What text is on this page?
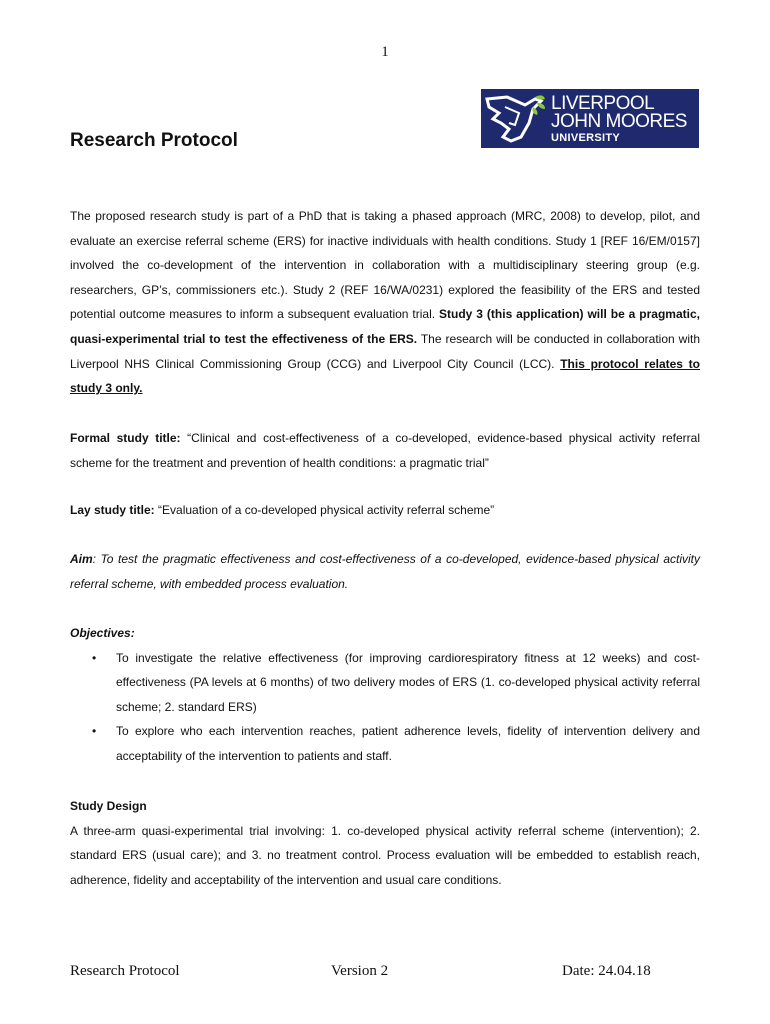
1
LIVERPOOL
JOHN MOORES
UNIVERSITY
Research Protocol

The proposed research study is part of a PhD that is taking a phased approach (MRC, 2008) to develop, pilot, and evaluate an exercise referral scheme (ERS) for inactive individuals with health conditions. Study 1 [REF 16/EM/0157] involved the co-development of the intervention in collaboration with a multidisciplinary steering group (e.g. researchers, GP’s, commissioners etc.). Study 2 (REF 16/WA/0231) explored the feasibility of the ERS and tested potential outcome measures to inform a subsequent evaluation trial. Study 3 (this application) will be a pragmatic, quasi-experimental trial to test the effectiveness of the ERS. The research will be conducted in collaboration with Liverpool NHS Clinical Commissioning Group (CCG) and Liverpool City Council (LCC). This protocol relates to study 3 only.

Formal study title: “Clinical and cost-effectiveness of a co-developed, evidence-based physical activity referral scheme for the treatment and prevention of health conditions: a pragmatic trial”

Lay study title: “Evaluation of a co-developed physical activity referral scheme”

Aim: To test the pragmatic effectiveness and cost-effectiveness of a co-developed, evidence-based physical activity referral scheme, with embedded process evaluation.

Objectives:

• To investigate the relative effectiveness (for improving cardiorespiratory fitness at 12 weeks) and cost-effectiveness (PA levels at 6 months) of two delivery modes of ERS (1. co-developed physical activity referral scheme; 2. standard ERS)
• To explore who each intervention reaches, patient adherence levels, fidelity of intervention delivery and acceptability of the intervention to patients and staff.

Study Design

A three-arm quasi-experimental trial involving: 1. co-developed physical activity referral scheme (intervention); 2. standard ERS (usual care); and 3. no treatment control. Process evaluation will be embedded to establish reach, adherence, fidelity and acceptability of the intervention and usual care conditions.

Research Protocol	Version 2	Date: 24.04.18
